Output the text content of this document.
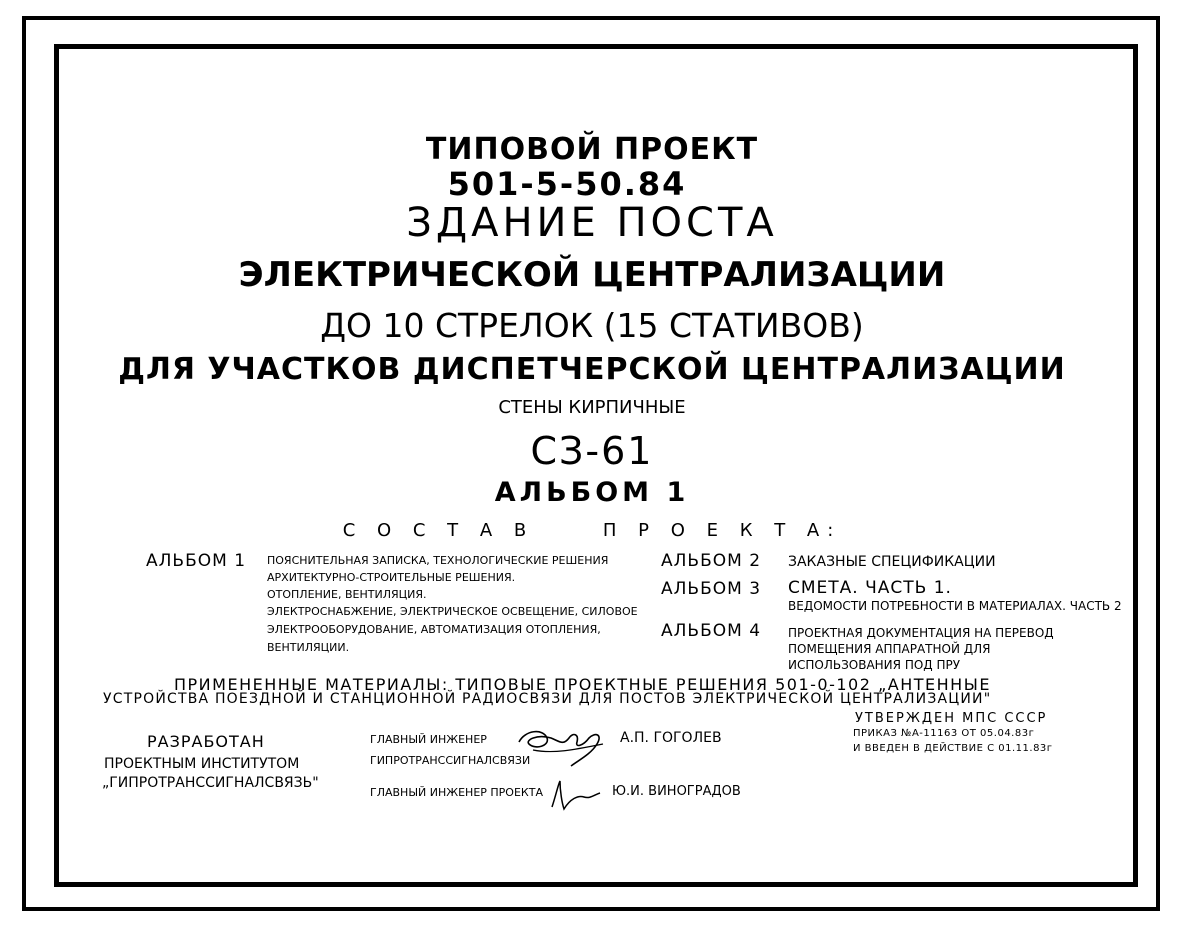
ТИПОВОЙ ПРОЕКТ
501-5-50.84
ЗДАНИЕ ПОСТА
ЭЛЕКТРИЧЕСКОЙ ЦЕНТРАЛИЗАЦИИ
ДО 10 СТРЕЛОК (15 СТАТИВОВ)
ДЛЯ УЧАСТКОВ ДИСПЕТЧЕРСКОЙ ЦЕНТРАЛИЗАЦИИ
СТЕНЫ КИРПИЧНЫЕ
СЗ-61
АЛЬБОМ 1
С О С Т А В     П Р О Е К Т А:
АЛЬБОМ 1 ПОЯСНИТЕЛЬНАЯ ЗАПИСКА, ТЕХНОЛОГИЧЕСКИЕ РЕШЕНИЯ
АРХИТЕКТУРНО-СТРОИТЕЛЬНЫЕ РЕШЕНИЯ.
ОТОПЛЕНИЕ, ВЕНТИЛЯЦИЯ.
ЭЛЕКТРОСНАБЖЕНИЕ, ЭЛЕКТРИЧЕСКОЕ ОСВЕЩЕНИЕ, СИЛОВОЕ
ЭЛЕКТРООБОРУДОВАНИЕ, АВТОМАТИЗАЦИЯ ОТОПЛЕНИЯ,
ВЕНТИЛЯЦИИ.
АЛЬБОМ 2 ЗАКАЗНЫЕ СПЕЦИФИКАЦИИ
АЛЬБОМ 3 СМЕТА. ЧАСТЬ 1.
ВЕДОМОСТИ ПОТРЕБНОСТИ В МАТЕРИАЛАХ. ЧАСТЬ 2
АЛЬБОМ 4 ПРОЕКТНАЯ ДОКУМЕНТАЦИЯ НА ПЕРЕВОД
ПОМЕЩЕНИЯ АППАРАТНОЙ ДЛЯ
ИСПОЛЬЗОВАНИЯ ПОД ПРУ
ПРИМЕНЕННЫЕ МАТЕРИАЛЫ: ТИПОВЫЕ ПРОЕКТНЫЕ РЕШЕНИЯ 501-0-102 „АНТЕННЫЕ
УСТРОЙСТВА ПОЕЗДНОЙ И СТАНЦИОННОЙ РАДИОСВЯЗИ ДЛЯ ПОСТОВ ЭЛЕКТРИЧЕСКОЙ ЦЕНТРАЛИЗАЦИИ"
УТВЕРЖДЕН МПС СССР
ПРИКАЗ №А-11163 ОТ 05.04.83г
И ВВЕДЕН В ДЕЙСТВИЕ С 01.11.83г
РАЗРАБОТАН
ПРОЕКТНЫМ ИНСТИТУТОМ
„ГИПРОТРАНССИГНАЛСВЯЗЬ"
ГЛАВНЫЙ ИНЖЕНЕР
ГИПРОТРАНССИГНАЛСВЯЗИ
А.П. ГОГОЛЕВ
ГЛАВНЫЙ ИНЖЕНЕР ПРОЕКТА	Ю.И. ВИНОГРАДОВ
